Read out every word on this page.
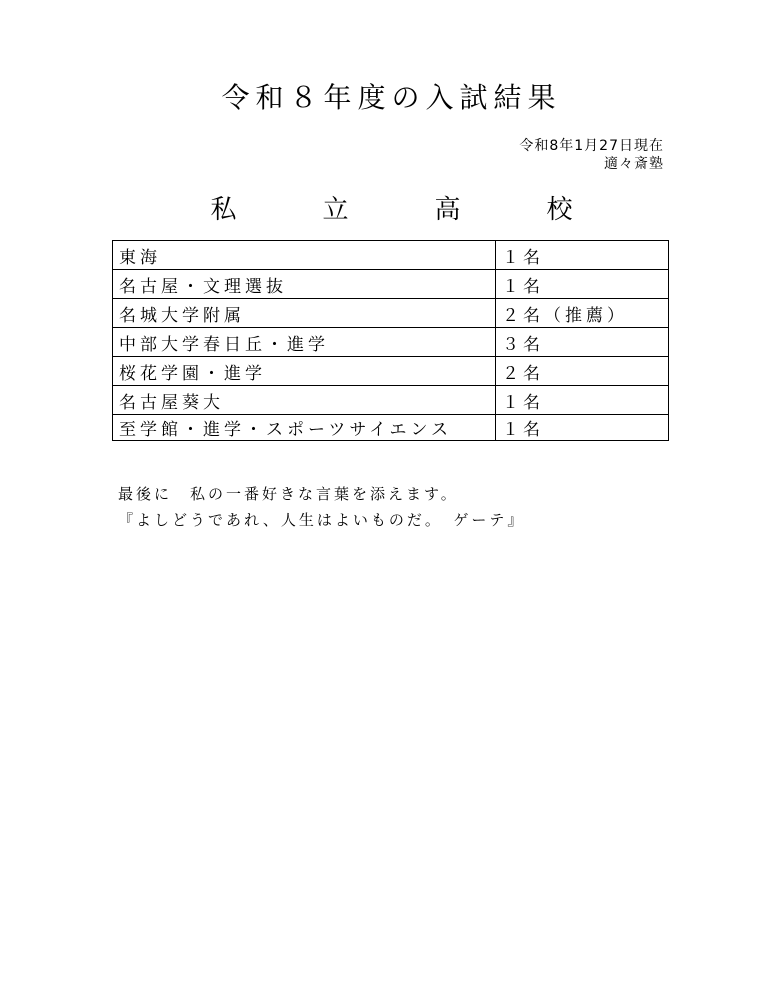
令和８年度の入試結果
令和8年1月27日現在
適々斎塾
私　立　高　校
東海	１名
名古屋・文理選抜	１名
名城大学附属	２名（推薦）
中部大学春日丘・進学	３名
桜花学園・進学	２名
名古屋葵大	１名
至学館・進学・スポーツサイエンス	１名
最後に　私の一番好きな言葉を添えます。
『よしどうであれ、人生はよいものだ。　ゲーテ』
